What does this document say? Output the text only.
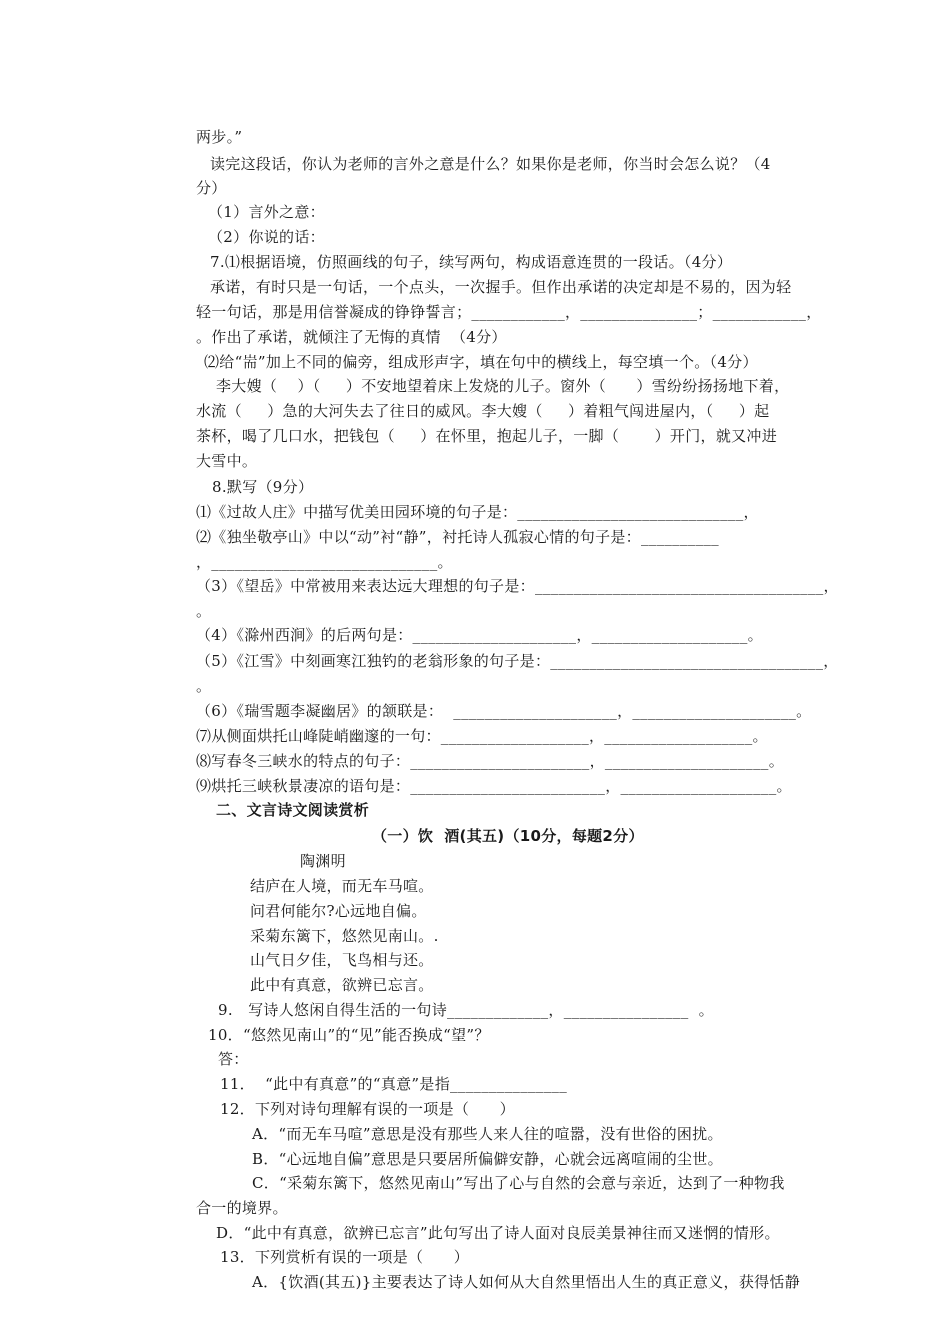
两步。”
读完这段话，你认为老师的言外之意是什么？如果你是老师，你当时会怎么说？（4
分）
（1）言外之意：
（2）你说的话：
7.⑴根据语境，仿照画线的句子，续写两句，构成语意连贯的一段话。（4分）
承诺，有时只是一句话，一个点头，一次握手。但作出承诺的决定却是不易的，因为轻
轻一句话，那是用信誉凝成的铮铮誓言；____________，_______________；____________，
。作出了承诺，就倾注了无悔的真情  （4分）
⑵给“耑”加上不同的偏旁，组成形声字，填在句中的横线上，每空填一个。（4分）
李大嫂（    ）（     ）不安地望着床上发烧的儿子。窗外（      ）雪纷纷扬扬地下着，
水流（     ）急的大河失去了往日的威风。李大嫂（     ）着粗气闯进屋内，（     ）起
茶杯，喝了几口水，把钱包（     ）在怀里，抱起儿子，一脚（       ）开门，就又冲进
大雪中。
8.默写（9分）
⑴《过故人庄》中描写优美田园环境的句子是：_____________________________，
⑵《独坐敬亭山》中以“动”衬“静”，衬托诗人孤寂心情的句子是：__________
，_____________________________。
（3）《望岳》中常被用来表达远大理想的句子是：_____________________________________，
。
（4）《滁州西涧》的后两句是：_____________________，____________________。
（5）《江雪》中刻画寒江独钓的老翁形象的句子是：___________________________________，
。
（6）《瑞雪题李凝幽居》的颔联是：  _____________________，_____________________。
⑺从侧面烘托山峰陡峭幽邃的一句：___________________，___________________。
⑻写春冬三峡水的特点的句子：_______________________，_____________________。
⑼烘托三峡秋景凄凉的语句是：_________________________，____________________。
二、文言诗文阅读赏析
（一）饮  酒(其五)（10分，每题2分）
陶渊明
结庐在人境，而无车马喧。
问君何能尔?心远地自偏。
采菊东篱下，悠然见南山。.
山气日夕佳，飞鸟相与还。
此中有真意，欲辨已忘言。
9.   写诗人悠闲自得生活的一句诗_____________，________________  。
10．“悠然见南山”的“见”能否换成“望”？
答：
11．  “此中有真意”的“真意”是指_______________
12．下列对诗句理解有误的一项是（      ）
A．“而无车马喧”意思是没有那些人来人往的喧嚣，没有世俗的困扰。
B．“心远地自偏”意思是只要居所偏僻安静，心就会远离喧闹的尘世。
C．“采菊东篱下，悠然见南山”写出了心与自然的会意与亲近，达到了一种物我
合一的境界。
D．“此中有真意，欲辨已忘言”此句写出了诗人面对良辰美景神往而又迷惘的情形。
13．下列赏析有误的一项是（      ）
A．{饮酒(其五)}主要表达了诗人如何从大自然里悟出人生的真正意义，获得恬静
